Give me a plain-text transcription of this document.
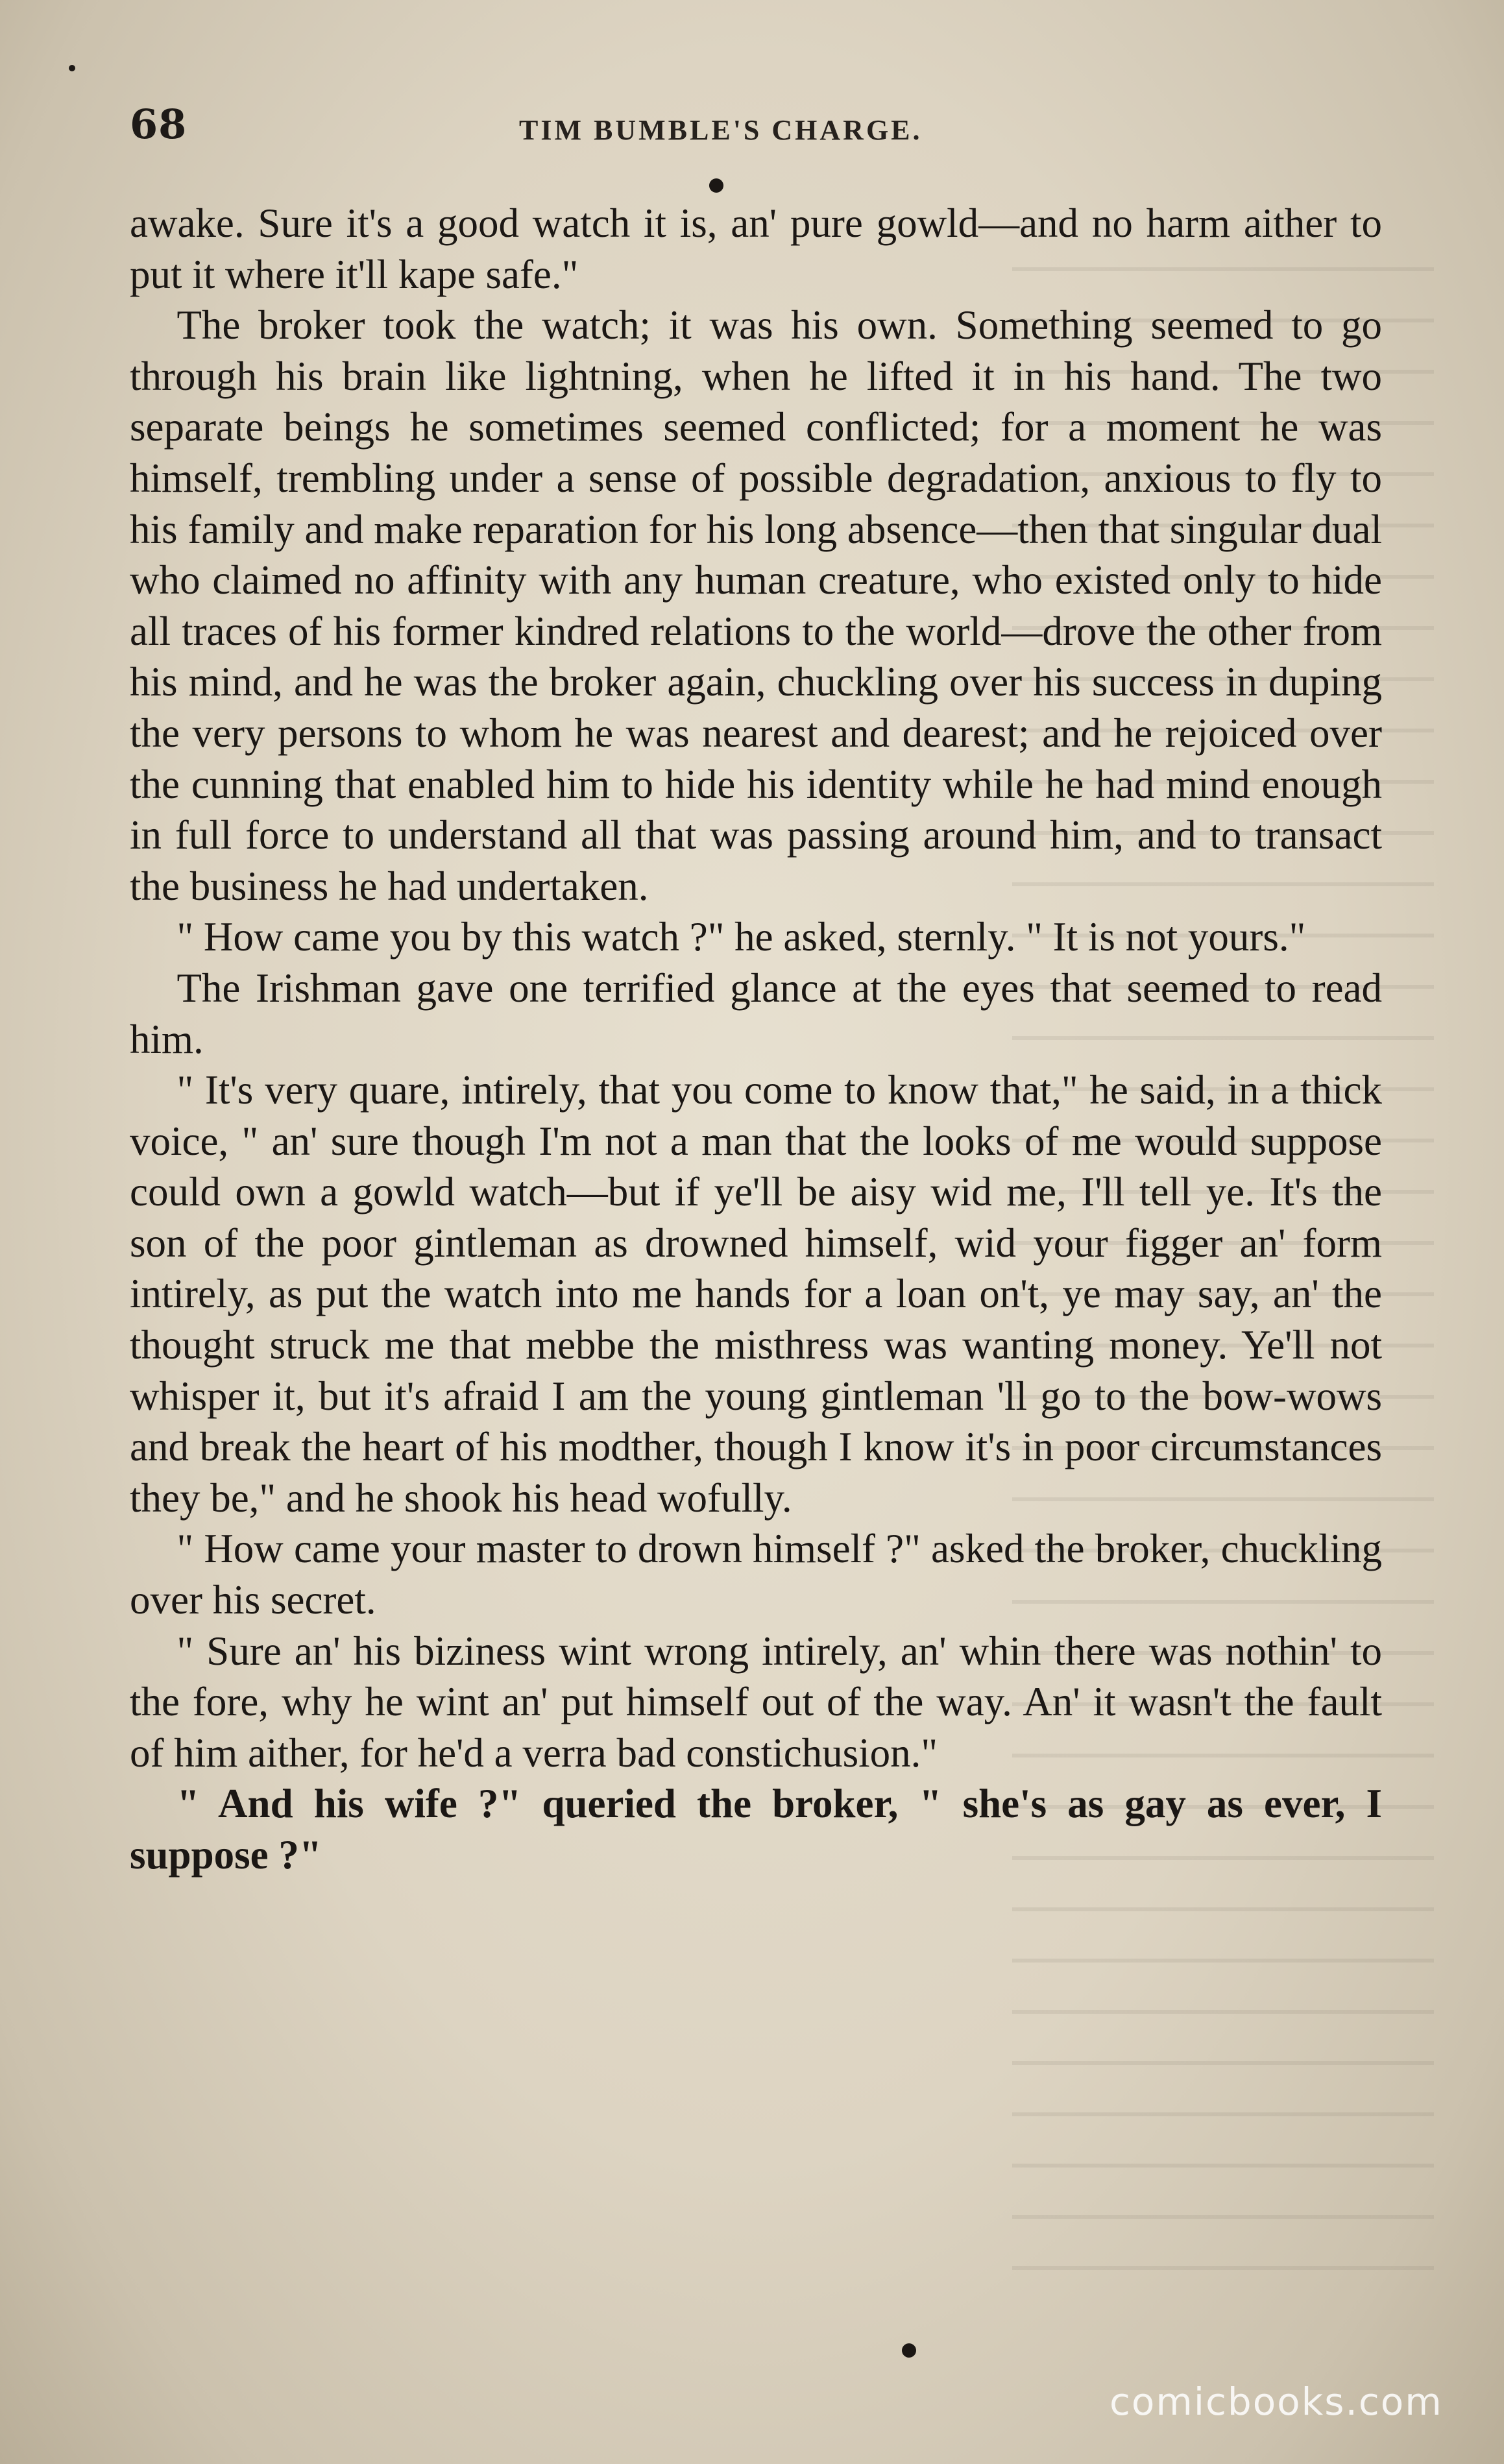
68	TIM BUMBLE'S CHARGE.

awake. Sure it's a good watch it is, an' pure gowld—and no harm aither to put it where it'll kape safe."

The broker took the watch; it was his own. Something seemed to go through his brain like lightning, when he lifted it in his hand. The two separate beings he sometimes seemed conflicted; for a moment he was himself, trembling under a sense of possible degradation, anxious to fly to his family and make reparation for his long absence—then that singular dual who claimed no affinity with any human creature, who existed only to hide all traces of his former kindred relations to the world—drove the other from his mind, and he was the broker again, chuckling over his success in duping the very persons to whom he was nearest and dearest; and he rejoiced over the cunning that enabled him to hide his identity while he had mind enough in full force to understand all that was passing around him, and to transact the business he had undertaken.

" How came you by this watch ?" he asked, sternly. " It is not yours."

The Irishman gave one terrified glance at the eyes that seemed to read him.

" It's very quare, intirely, that you come to know that," he said, in a thick voice, " an' sure though I'm not a man that the looks of me would suppose could own a gowld watch—but if ye'll be aisy wid me, I'll tell ye. It's the son of the poor gintleman as drowned himself, wid your figger an' form intirely, as put the watch into me hands for a loan on't, ye may say, an' the thought struck me that mebbe the misthress was wanting money. Ye'll not whisper it, but it's afraid I am the young gintleman 'll go to the bow-wows and break the heart of his modther, though I know it's in poor circumstances they be," and he shook his head wofully.

" How came your master to drown himself ?" asked the broker, chuckling over his secret.

" Sure an' his biziness wint wrong intirely, an' whin there was nothin' to the fore, why he wint an' put himself out of the way. An' it wasn't the fault of him aither, for he'd a verra bad constichusion."

" And his wife ?" queried the broker, " she's as gay as ever, I suppose ?"

comicbooks.com
